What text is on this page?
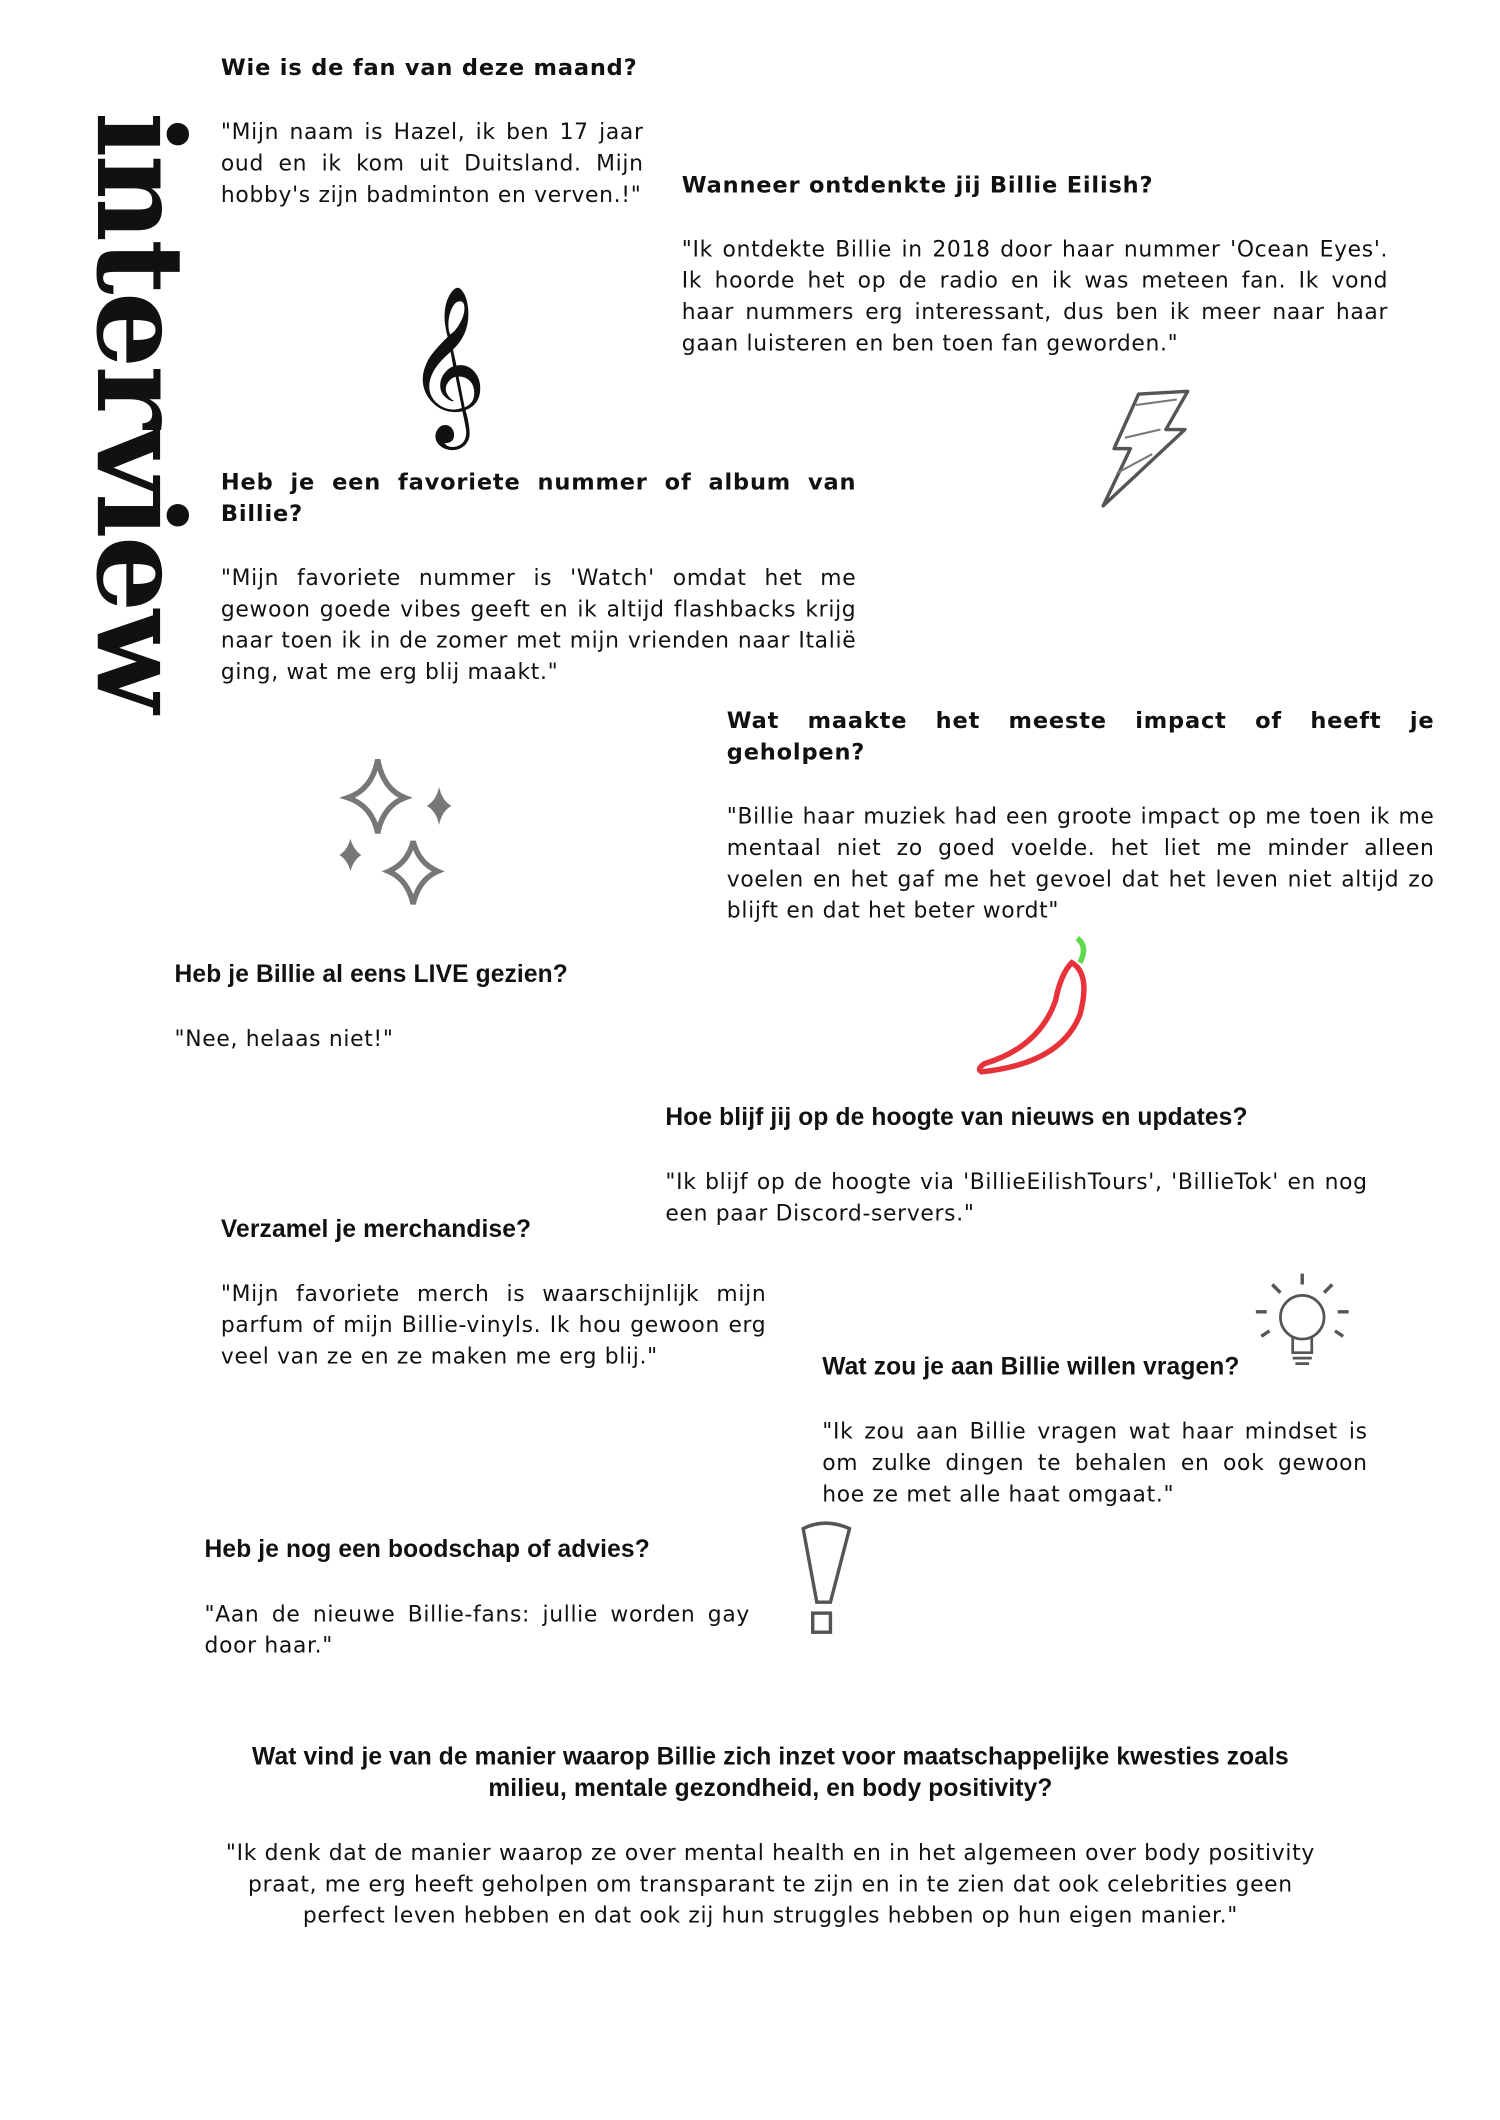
interview

Wie is de fan van deze maand?

"Mijn naam is Hazel, ik ben 17 jaar oud en ik kom uit Duitsland. Mijn hobby's zijn badminton en verven.!" Wanneer ontdenkte jij Billie Eilish?

"Ik ontdekte Billie in 2018 door haar nummer 'Ocean Eyes'. Ik hoorde het op de radio en ik was meteen fan. Ik vond haar nummers erg interessant, dus ben ik meer naar haar gaan luisteren en ben toen fan geworden."

Heb je een favoriete nummer of album van Billie?

"Mijn favoriete nummer is 'Watch' omdat het me gewoon goede vibes geeft en ik altijd flashbacks krijg naar toen ik in de zomer met mijn vrienden naar Italië ging, wat me erg blij maakt."

Wat maakte het meeste impact of heeft je geholpen?

"Billie haar muziek had een groote impact op me toen ik me mentaal niet zo goed voelde. het liet me minder alleen voelen en het gaf me het gevoel dat het leven niet altijd zo blijft en dat het beter wordt"

Heb je Billie al eens LIVE gezien?

"Nee, helaas niet!"

Hoe blijf jij op de hoogte van nieuws en updates?

"Ik blijf op de hoogte via 'BillieEilishTours', 'BillieTok' en nog een paar Discord-servers."

Verzamel je merchandise?

"Mijn favoriete merch is waarschijnlijk mijn parfum of mijn Billie-vinyls. Ik hou gewoon erg veel van ze en ze maken me erg blij."	Wat zou je aan Billie willen vragen?

"Ik zou aan Billie vragen wat haar mindset is om zulke dingen te behalen en ook gewoon hoe ze met alle haat omgaat."

Heb je nog een boodschap of advies?

"Aan de nieuwe Billie-fans: jullie worden gay door haar."

Wat vind je van de manier waarop Billie zich inzet voor maatschappelijke kwesties zoals milieu, mentale gezondheid, en body positivity?

"Ik denk dat de manier waarop ze over mental health en in het algemeen over body positivity praat, me erg heeft geholpen om transparant te zijn en in te zien dat ook celebrities geen perfect leven hebben en dat ook zij hun struggles hebben op hun eigen manier."

𝄞
